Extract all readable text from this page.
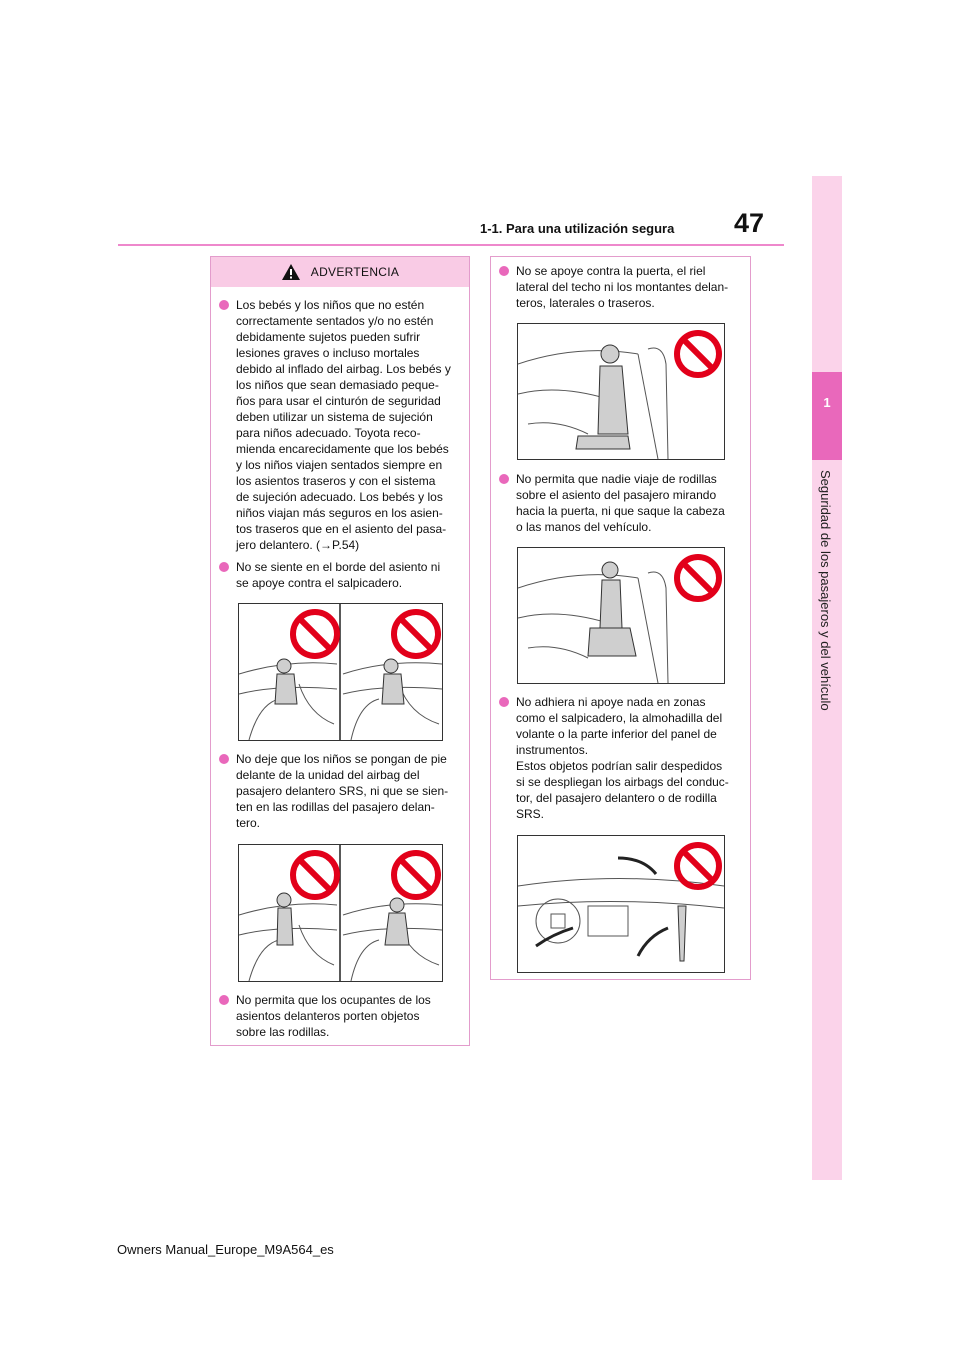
47
1-1. Para una utilización segura
1
Seguridad de los pasajeros y del vehículo
ADVERTENCIA
Los bebés y los niños que no estén
correctamente sentados y/o no estén
debidamente sujetos pueden sufrir
lesiones graves o incluso mortales
debido al inflado del airbag. Los bebés y
los niños que sean demasiado peque-
ños para usar el cinturón de seguridad
deben utilizar un sistema de sujeción
para niños adecuado. Toyota reco-
mienda encarecidamente que los bebés
y los niños viajen sentados siempre en
los asientos traseros y con el sistema
de sujeción adecuado. Los bebés y los
niños viajan más seguros en los asien-
tos traseros que en el asiento del pasa-
jero delantero. (→P.54)
No se siente en el borde del asiento ni
se apoye contra el salpicadero.
No deje que los niños se pongan de pie
delante de la unidad del airbag del
pasajero delantero SRS, ni que se sien-
ten en las rodillas del pasajero delan-
tero.
No permita que los ocupantes de los
asientos delanteros porten objetos
sobre las rodillas.
No se apoye contra la puerta, el riel
lateral del techo ni los montantes delan-
teros, laterales o traseros.
No permita que nadie viaje de rodillas
sobre el asiento del pasajero mirando
hacia la puerta, ni que saque la cabeza
o las manos del vehículo.
No adhiera ni apoye nada en zonas
como el salpicadero, la almohadilla del
volante o la parte inferior del panel de
instrumentos.
Estos objetos podrían salir despedidos
si se despliegan los airbags del conduc-
tor, del pasajero delantero o de rodilla
SRS.
Owners Manual_Europe_M9A564_es
